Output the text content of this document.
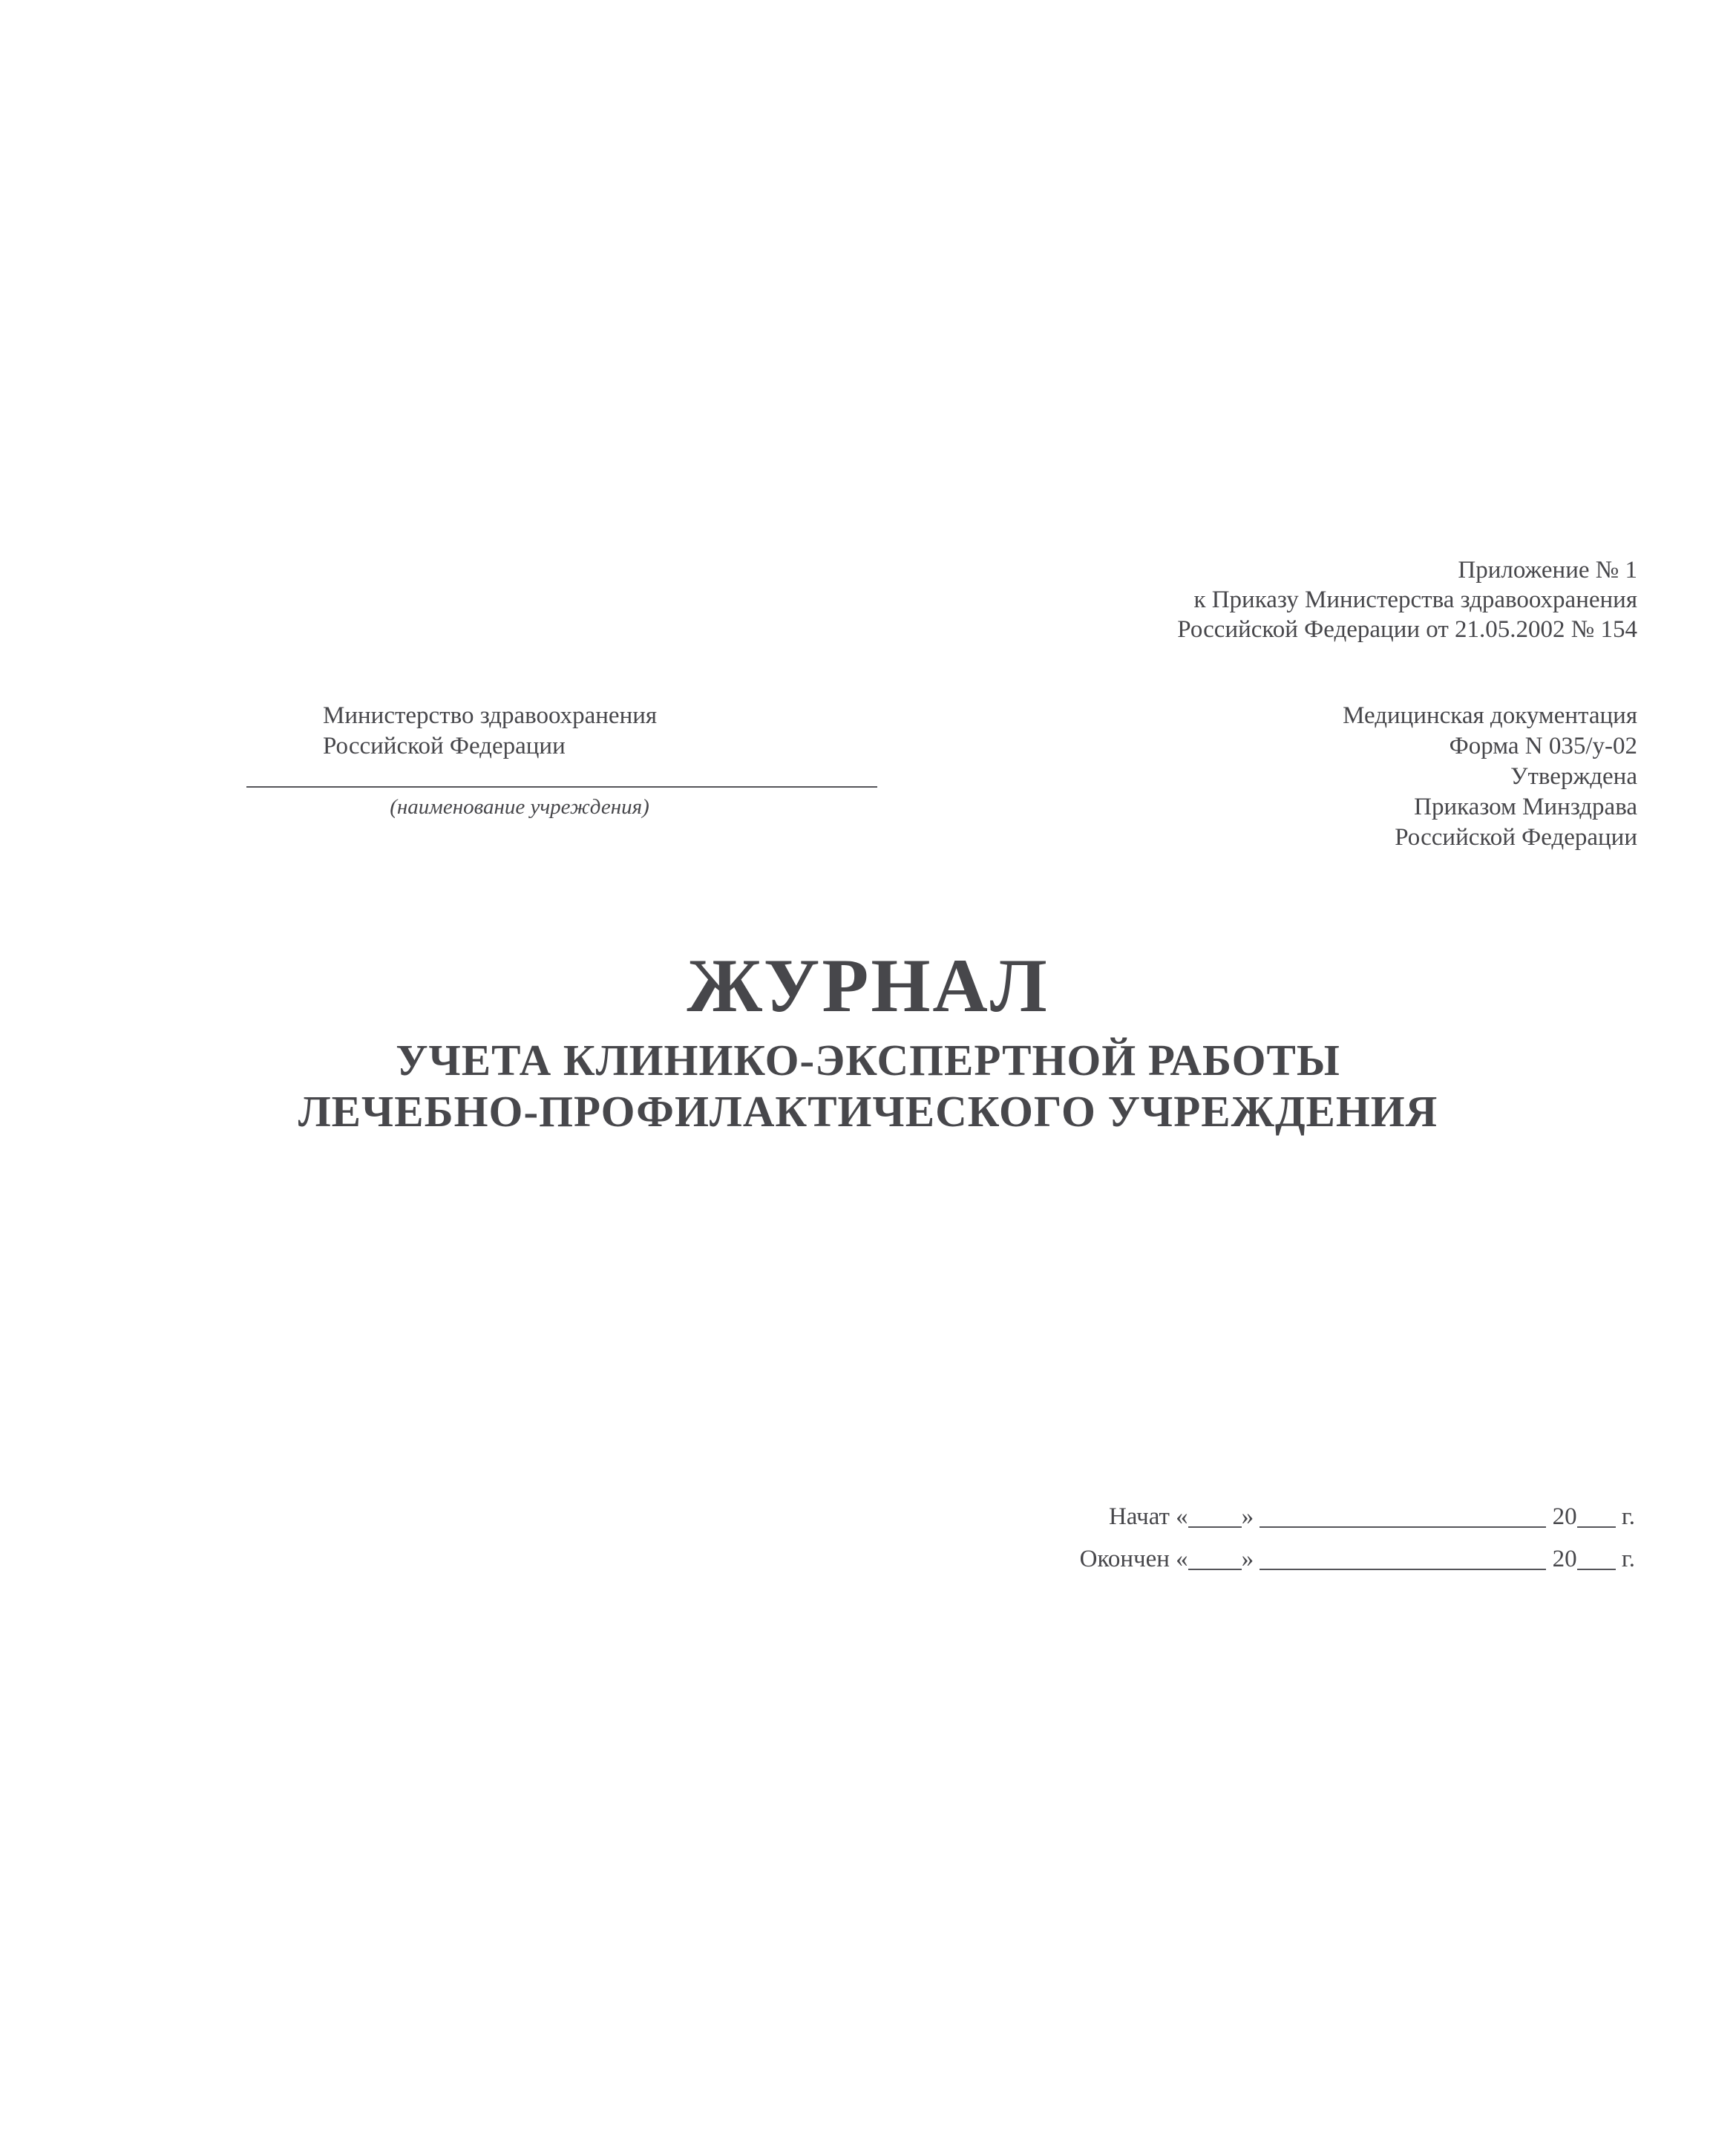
Приложение № 1
к Приказу Министерства здравоохранения
Российской Федерации от 21.05.2002 № 154
Министерство здравоохранения
Российской Федерации
Медицинская документация
Форма N 035/у-02
Утверждена
Приказом Минздрава
Российской Федерации
(наименование учреждения)
ЖУРНАЛ
УЧЕТА КЛИНИКО-ЭКСПЕРТНОЙ РАБОТЫ
ЛЕЧЕБНО-ПРОФИЛАКТИЧЕСКОГО УЧРЕЖДЕНИЯ
Начат « »	20 г.
Окончен « »	20 г.
